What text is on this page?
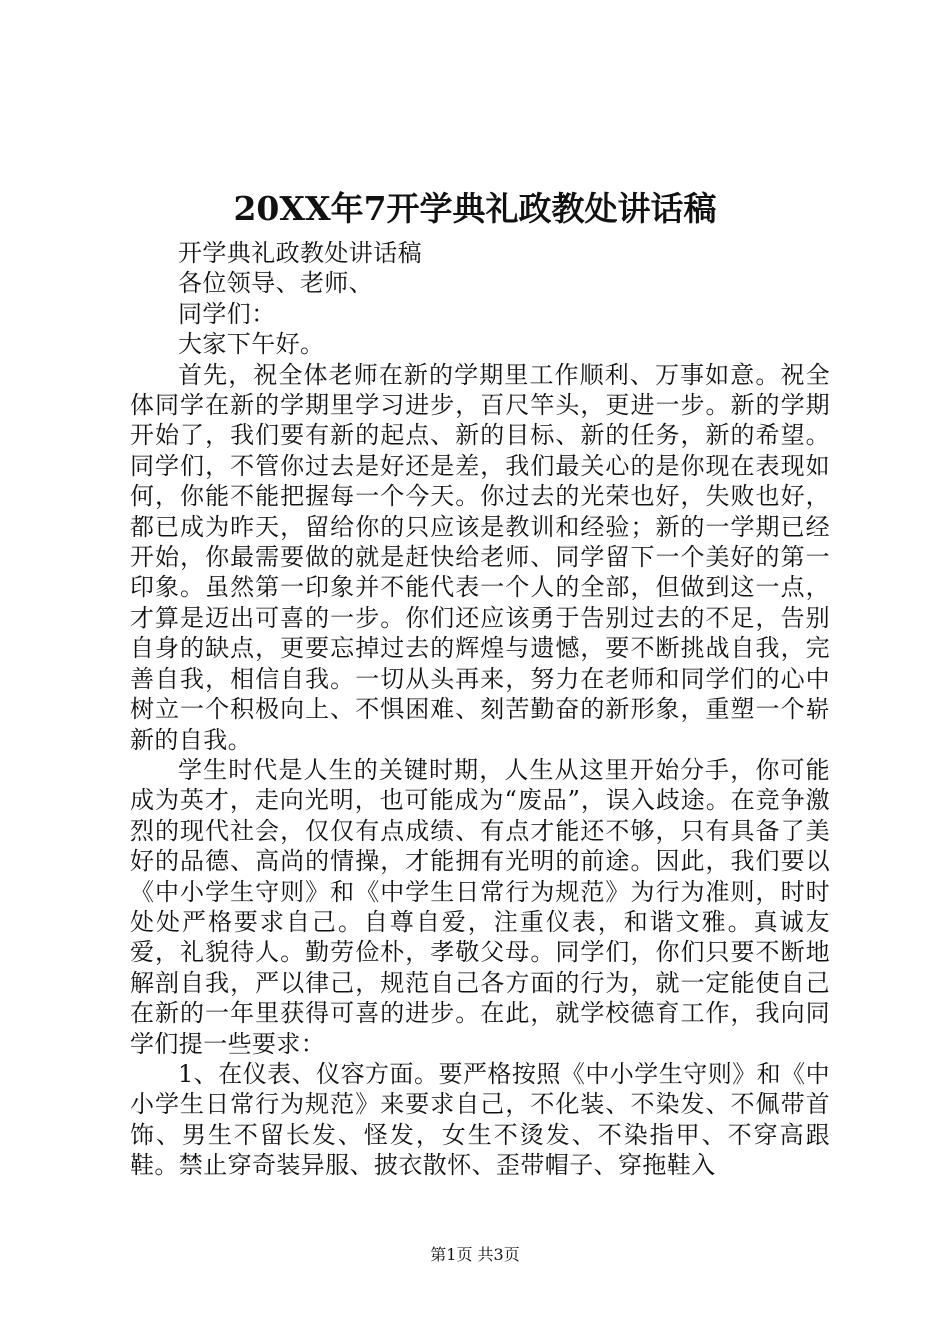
20XX年7开学典礼政教处讲话稿

开学典礼政教处讲话稿

各位领导、老师、

同学们：

大家下午好。

首先，祝全体老师在新的学期里工作顺利、万事如意。祝全体同学在新的学期里学习进步，百尺竿头，更进一步。新的学期开始了，我们要有新的起点、新的目标、新的任务，新的希望。同学们，不管你过去是好还是差，我们最关心的是你现在表现如何，你能不能把握每一个今天。你过去的光荣也好，失败也好，都已成为昨天，留给你的只应该是教训和经验；新的一学期已经开始，你最需要做的就是赶快给老师、同学留下一个美好的第一印象。虽然第一印象并不能代表一个人的全部，但做到这一点，才算是迈出可喜的一步。你们还应该勇于告别过去的不足，告别自身的缺点，更要忘掉过去的辉煌与遗憾，要不断挑战自我，完善自我，相信自我。一切从头再来，努力在老师和同学们的心中树立一个积极向上、不惧困难、刻苦勤奋的新形象，重塑一个崭新的自我。

学生时代是人生的关键时期，人生从这里开始分手，你可能成为英才，走向光明，也可能成为“废品”，误入歧途。在竞争激烈的现代社会，仅仅有点成绩、有点才能还不够，只有具备了美好的品德、高尚的情操，才能拥有光明的前途。因此，我们要以《中小学生守则》和《中学生日常行为规范》为行为准则，时时处处严格要求自己。自尊自爱，注重仪表，和谐文雅。真诚友爱，礼貌待人。勤劳俭朴，孝敬父母。同学们，你们只要不断地解剖自我，严以律己，规范自己各方面的行为，就一定能使自己在新的一年里获得可喜的进步。在此，就学校德育工作，我向同学们提一些要求：

1、在仪表、仪容方面。要严格按照《中小学生守则》和《中小学生日常行为规范》来要求自己，不化装、不染发、不佩带首饰、男生不留长发、怪发，女生不烫发、不染指甲、不穿高跟鞋。禁止穿奇装异服、披衣散怀、歪带帽子、穿拖鞋入

第1页 共3页
